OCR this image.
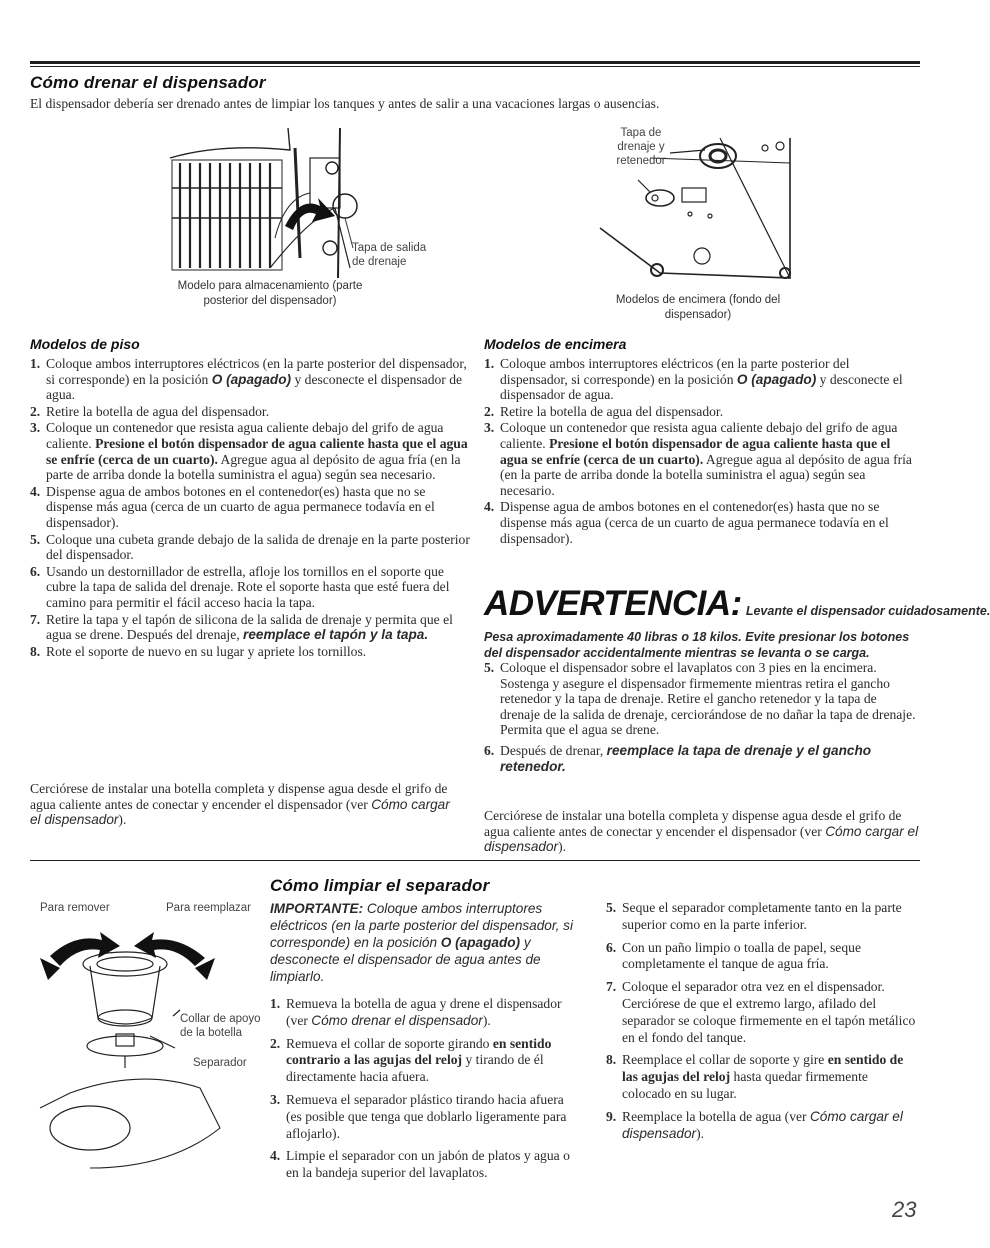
Cómo drenar el dispensador
El dispensador debería ser drenado antes de limpiar los tanques y antes de salir a una vacaciones largas o ausencias.
Tapa de salida de drenaje
Modelo para almacenamiento (parte posterior del dispensador)
Tapa de drenaje y retenedor
Modelos de encimera (fondo del dispensador)
Modelos de piso
1. Coloque ambos interruptores eléctricos (en la parte posterior del dispensador, si corresponde) en la posición O (apagado) y desconecte el dispensador de agua.
2. Retire la botella de agua del dispensador.
3. Coloque un contenedor que resista agua caliente debajo del grifo de agua caliente. Presione el botón dispensador de agua caliente hasta que el agua se enfríe (cerca de un cuarto). Agregue agua al depósito de agua fría (en la parte de arriba donde la botella suministra el agua) según sea necesario.
4. Dispense agua de ambos botones en el contenedor(es) hasta que no se dispense más agua (cerca de un cuarto de agua permanece todavía en el dispensador).
5. Coloque una cubeta grande debajo de la salida de drenaje en la parte posterior del dispensador.
6. Usando un destornillador de estrella, afloje los tornillos en el soporte que cubre la tapa de salida del drenaje. Rote el soporte hasta que esté fuera del camino para permitir el fácil acceso hacia la tapa.
7. Retire la tapa y el tapón de silicona de la salida de drenaje y permita que el agua se drene. Después del drenaje, reemplace el tapón y la tapa.
8. Rote el soporte de nuevo en su lugar y apriete los tornillos.
Cerciórese de instalar una botella completa y dispense agua desde el grifo de agua caliente antes de conectar y encender el dispensador (ver Cómo cargar el dispensador).
Modelos de encimera
1. Coloque ambos interruptores eléctricos (en la parte posterior del dispensador, si corresponde) en la posición O (apagado) y desconecte el dispensador de agua.
2. Retire la botella de agua del dispensador.
3. Coloque un contenedor que resista agua caliente debajo del grifo de agua caliente. Presione el botón dispensador de agua caliente hasta que el agua se enfríe (cerca de un cuarto). Agregue agua al depósito de agua fría (en la parte de arriba donde la botella suministra el agua) según sea necesario.
4. Dispense agua de ambos botones en el contenedor(es) hasta que no se dispense más agua (cerca de un cuarto de agua permanece todavía en el dispensador).
ADVERTENCIA: Levante el dispensador cuidadosamente.
Pesa aproximadamente 40 libras o 18 kilos. Evite presionar los botones del dispensador accidentalmente mientras se levanta o se carga.
5. Coloque el dispensador sobre el lavaplatos con 3 pies en la encimera. Sostenga y asegure el dispensador firmemente mientras retira el gancho retenedor y la tapa de drenaje. Retire el gancho retenedor y la tapa de drenaje de la salida de drenaje, cerciorándose de no dañar la tapa de drenaje. Permita que el agua se drene.
6. Después de drenar, reemplace la tapa de drenaje y el gancho retenedor.
Cerciórese de instalar una botella completa y dispense agua desde el grifo de agua caliente antes de conectar y encender el dispensador (ver Cómo cargar el dispensador).
Cómo limpiar el separador
Para remover	Para reemplazar
Collar de apoyo de la botella
Separador
IMPORTANTE: Coloque ambos interruptores eléctricos (en la parte posterior del dispensador, si corresponde) en la posición O (apagado) y desconecte el dispensador de agua antes de limpiarlo.
1. Remueva la botella de agua y drene el dispensador (ver Cómo drenar el dispensador).
2. Remueva el collar de soporte girando en sentido contrario a las agujas del reloj y tirando de él directamente hacia afuera.
3. Remueva el separador plástico tirando hacia afuera (es posible que tenga que doblarlo ligeramente para aflojarlo).
4. Limpie el separador con un jabón de platos y agua o en la bandeja superior del lavaplatos.
5. Seque el separador completamente tanto en la parte superior como en la parte inferior.
6. Con un paño limpio o toalla de papel, seque completamente el tanque de agua fría.
7. Coloque el separador otra vez en el dispensador. Cerciórese de que el extremo largo, afilado del separador se coloque firmemente en el tapón metálico en el fondo del tanque.
8. Reemplace el collar de soporte y gire en sentido de las agujas del reloj hasta quedar firmemente colocado en su lugar.
9. Reemplace la botella de agua (ver Cómo cargar el dispensador).
23
